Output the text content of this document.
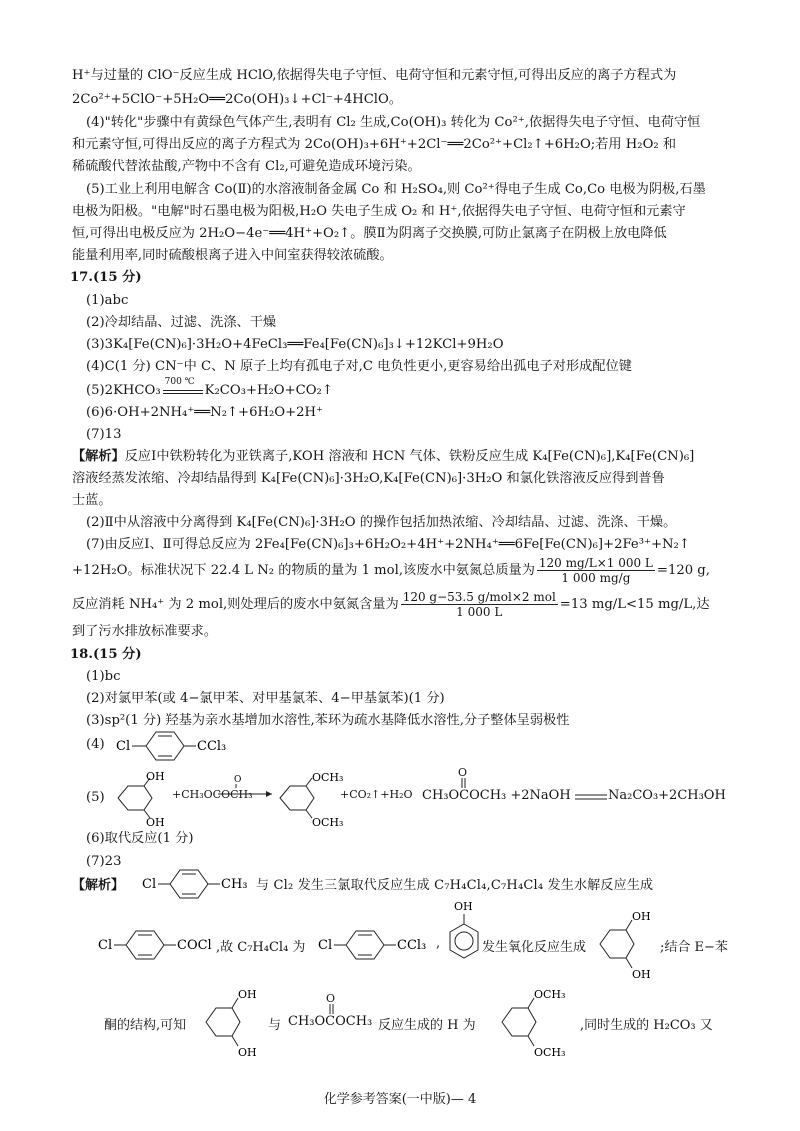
H⁺与过量的 ClO⁻反应生成 HClO,依据得失电子守恒、电荷守恒和元素守恒,可得出反应的离子方程式为
2Co²⁺+5ClO⁻+5H₂O══2Co(OH)₃↓+Cl⁻+4HClO。
(4)"转化"步骤中有黄绿色气体产生,表明有 Cl₂ 生成,Co(OH)₃ 转化为 Co²⁺,依据得失电子守恒、电荷守恒
和元素守恒,可得出反应的离子方程式为 2Co(OH)₃+6H⁺+2Cl⁻══2Co²⁺+Cl₂↑+6H₂O;若用 H₂O₂ 和
稀硫酸代替浓盐酸,产物中不含有 Cl₂,可避免造成环境污染。
(5)工业上利用电解含 Co(Ⅱ)的水溶液制备金属 Co 和 H₂SO₄,则 Co²⁺得电子生成 Co,Co 电极为阴极,石墨
电极为阳极。"电解"时石墨电极为阳极,H₂O 失电子生成 O₂ 和 H⁺,依据得失电子守恒、电荷守恒和元素守
恒,可得出电极反应为 2H₂O−4e⁻══4H⁺+O₂↑。膜Ⅱ为阴离子交换膜,可防止氯离子在阴极上放电降低
能量利用率,同时硫酸根离子进入中间室获得较浓硫酸。
17.(15 分)
(1)abc
(2)冷却结晶、过滤、洗涤、干燥
(3)3K₄[Fe(CN)₆]·3H₂O+4FeCl₃══Fe₄[Fe(CN)₆]₃↓+12KCl+9H₂O
(4)C(1 分) CN⁻中 C、N 原子上均有孤电子对,C 电负性更小,更容易给出孤电子对形成配位键
(5)2KHCO₃
700 ℃
K₂CO₃+H₂O+CO₂↑
(6)6·OH+2NH₄⁺══N₂↑+6H₂O+2H⁺
(7)13
【解析】反应Ⅰ中铁粉转化为亚铁离子,KOH 溶液和 HCN 气体、铁粉反应生成 K₄[Fe(CN)₆],K₄[Fe(CN)₆]
溶液经蒸发浓缩、冷却结晶得到 K₄[Fe(CN)₆]·3H₂O,K₄[Fe(CN)₆]·3H₂O 和氯化铁溶液反应得到普鲁
士蓝。
(2)Ⅱ中从溶液中分离得到 K₄[Fe(CN)₆]·3H₂O 的操作包括加热浓缩、冷却结晶、过滤、洗涤、干燥。
(7)由反应Ⅰ、Ⅱ可得总反应为 2Fe₄[Fe(CN)₆]₃+6H₂O₂+4H⁺+2NH₄⁺══6Fe[Fe(CN)₆]+2Fe³⁺+N₂↑
+12H₂O。标准状况下 22.4 L N₂ 的物质的量为 1 mol,该废水中氨氮总质量为 $\frac{120 mg/L\times 1 000 L}{1 000 mg/g} =120$ g,
反应消耗 NH₄⁺ 为 2 mol,则处理后的废水中氨氮含量为 $\frac{\text{120 g−53.5 g/mol×2 mol}}{1 000 L} =13$ mg/L<15 mg/L,达
到了污水排放标准要求。
18.(15 分)
(1)bc
(2)对氯甲苯(或 4−氯甲苯、对甲基氯苯、4−甲基氯苯)(1 分)
(3)sp²(1 分) 羟基为亲水基增加水溶性,苯环为疏水基降低水溶性,分子整体呈弱极性
(4) Cl	CCl₃
(5)
OH
OH
+CH₃OCOCH₃
O	OCH₃
OCH₃
+CO₂↑+H₂O
O
CH₃OCOCH₃ +2NaOH	Na₂CO₃+2CH₃OH
(6)取代反应(1 分)
(7)23
【解析】 Cl	CH₃ 与 Cl₂ 发生三氯取代反应生成 C₇H₄Cl₄,C₇H₄Cl₄ 发生水解反应生成
Cl	COCl ,故 C₇H₄Cl₄ 为 Cl	CCl₃ ,
OH
发生氧化反应生成
OH
OH
;结合 E−苯
酮的结构,可知
OH
OH
与
O
CH₃OCOCH₃ 反应生成的 H 为
OCH₃
OCH₃
,同时生成的 H₂CO₃ 又
化学参考答案(一中版)— 4
